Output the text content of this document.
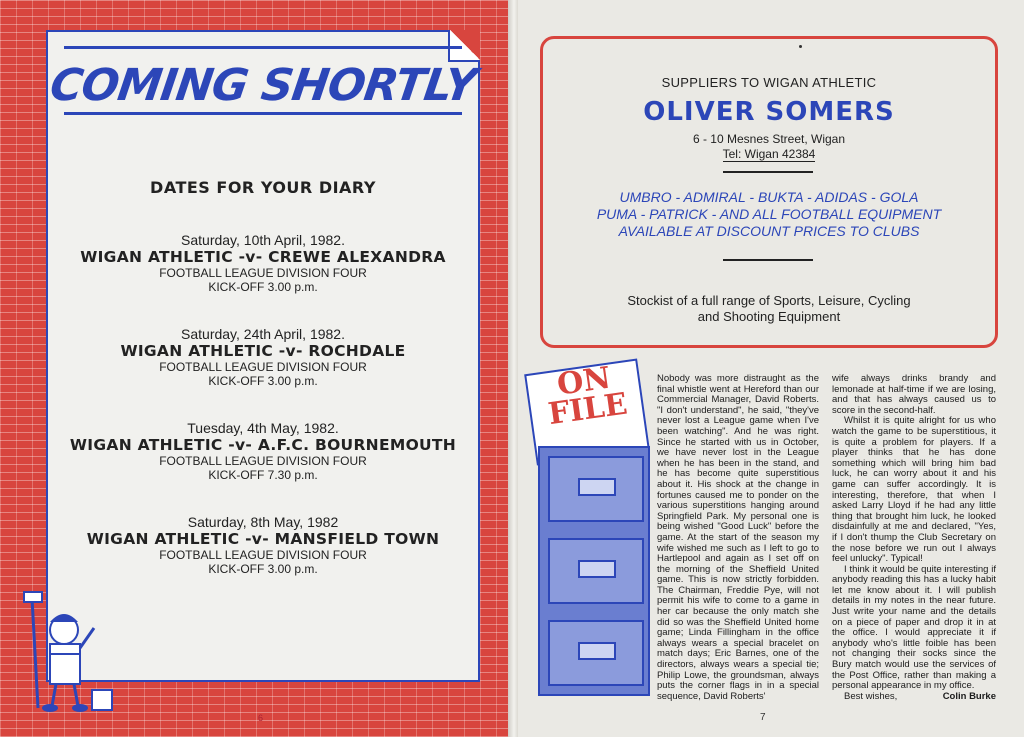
COMING SHORTLY
DATES FOR YOUR DIARY
Saturday, 10th April, 1982.
WIGAN ATHLETIC -v- CREWE ALEXANDRA
FOOTBALL LEAGUE DIVISION FOUR
KICK-OFF 3.00 p.m.
Saturday, 24th April, 1982.
WIGAN ATHLETIC -v- ROCHDALE
FOOTBALL LEAGUE DIVISION FOUR
KICK-OFF 3.00 p.m.
Tuesday, 4th May, 1982.
WIGAN ATHLETIC -v- A.F.C. BOURNEMOUTH
FOOTBALL LEAGUE DIVISION FOUR
KICK-OFF 7.30 p.m.
Saturday, 8th May, 1982
WIGAN ATHLETIC -v- MANSFIELD TOWN
FOOTBALL LEAGUE DIVISION FOUR
KICK-OFF 3.00 p.m.
6
SUPPLIERS TO WIGAN ATHLETIC
OLIVER SOMERS
6 - 10 Mesnes Street, Wigan
Tel: Wigan 42384
UMBRO - ADMIRAL - BUKTA - ADIDAS - GOLA
PUMA - PATRICK - AND ALL FOOTBALL EQUIPMENT
AVAILABLE AT DISCOUNT PRICES TO CLUBS
Stockist of a full range of Sports, Leisure, Cycling
and Shooting Equipment
ON FILE

Nobody was more distraught as the final whistle went at Hereford than our Commercial Manager, David Roberts. "I don't understand", he said, "they've never lost a League game when I've been watching". And he was right. Since he started with us in October, we have never lost in the League when he has been in the stand, and he has become quite superstitious about it. His shock at the change in fortunes caused me to ponder on the various superstitions hanging around Springfield Park. My personal one is being wished "Good Luck" before the game. At the start of the season my wife wished me such as I left to go to Hartlepool and again as I set off on the morning of the Sheffield United game. This is now strictly forbidden. The Chairman, Freddie Pye, will not permit his wife to come to a game in her car because the only match she did so was the Sheffield United home game; Linda Fillingham in the office always wears a special bracelet on match days; Eric Barnes, one of the directors, always wears a special tie; Philip Lowe, the groundsman, always puts the corner flags in in a special sequence, David Roberts'

wife always drinks brandy and lemonade at half-time if we are losing, and that has always caused us to score in the second-half.

Whilst it is quite alright for us who watch the game to be superstitious, it is quite a problem for players. If a player thinks that he has done something which will bring him bad luck, he can worry about it and his game can suffer accordingly. It is interesting, therefore, that when I asked Larry Lloyd if he had any little thing that brought him luck, he looked disdainfully at me and declared, "Yes, if I don't thump the Club Secretary on the nose before we run out I always feel unlucky". Typical!

I think it would be quite interesting if anybody reading this has a lucky habit let me know about it. I will publish details in my notes in the near future. Just write your name and the details on a piece of paper and drop it in at the office. I would appreciate it if anybody who's little foible has been not changing their socks since the Bury match would use the services of the Post Office, rather than making a personal appearance in my office.

Best wishes,	Colin Burke
7
